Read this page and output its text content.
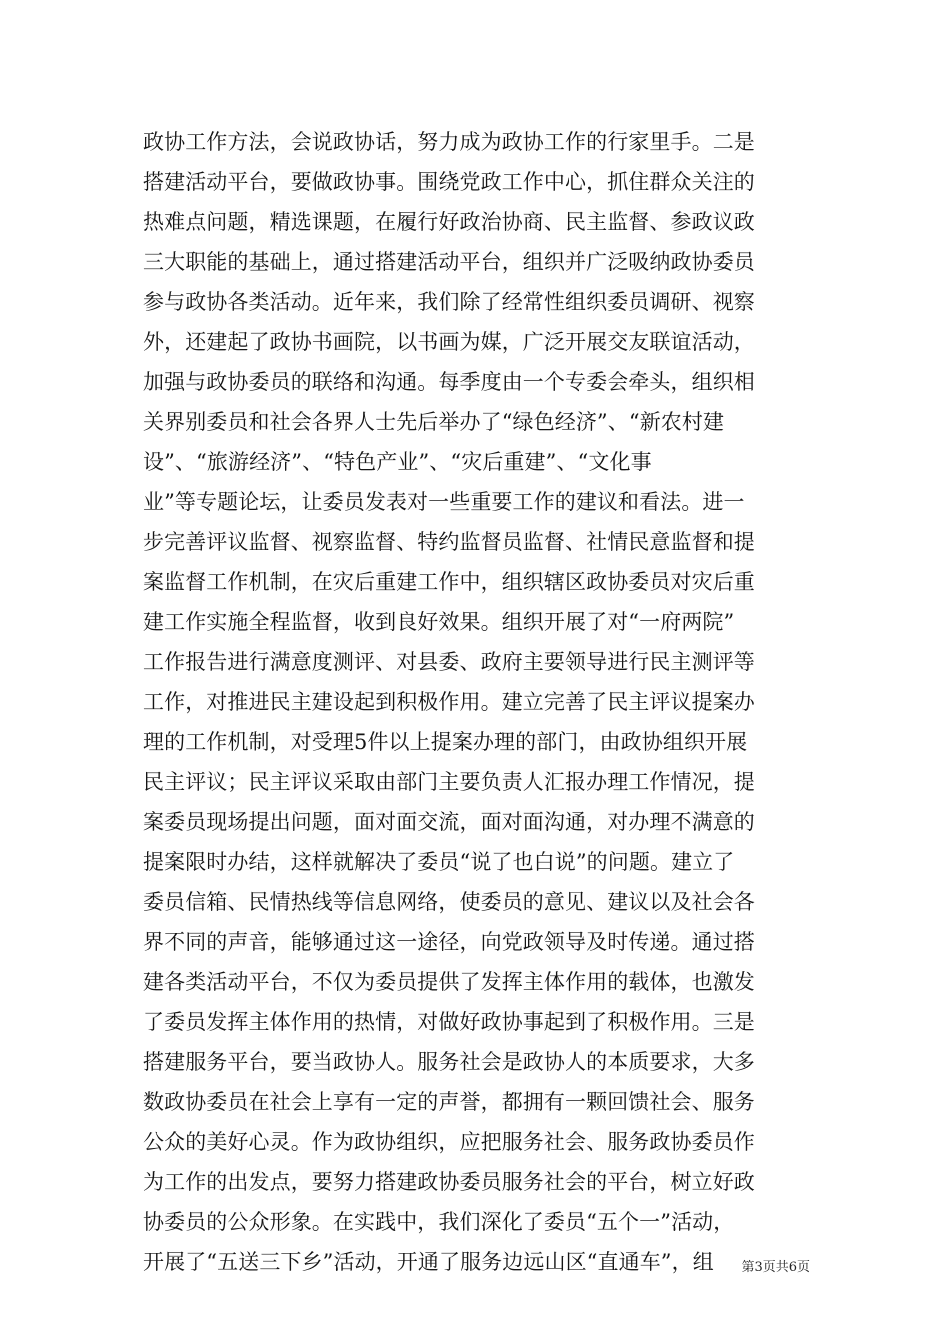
政协工作方法，会说政协话，努力成为政协工作的行家里手。二是
搭建活动平台，要做政协事。围绕党政工作中心，抓住群众关注的
热难点问题，精选课题，在履行好政治协商、民主监督、参政议政
三大职能的基础上，通过搭建活动平台，组织并广泛吸纳政协委员
参与政协各类活动。近年来，我们除了经常性组织委员调研、视察
外，还建起了政协书画院，以书画为媒，广泛开展交友联谊活动，
加强与政协委员的联络和沟通。每季度由一个专委会牵头，组织相
关界别委员和社会各界人士先后举办了“绿色经济”、“新农村建
设”、“旅游经济”、“特色产业”、“灾后重建”、“文化事
业”等专题论坛，让委员发表对一些重要工作的建议和看法。进一
步完善评议监督、视察监督、特约监督员监督、社情民意监督和提
案监督工作机制，在灾后重建工作中，组织辖区政协委员对灾后重
建工作实施全程监督，收到良好效果。组织开展了对“一府两院”
工作报告进行满意度测评、对县委、政府主要领导进行民主测评等
工作，对推进民主建设起到积极作用。建立完善了民主评议提案办
理的工作机制，对受理5件以上提案办理的部门，由政协组织开展
民主评议；民主评议采取由部门主要负责人汇报办理工作情况，提
案委员现场提出问题，面对面交流，面对面沟通，对办理不满意的
提案限时办结，这样就解决了委员“说了也白说”的问题。建立了
委员信箱、民情热线等信息网络，使委员的意见、建议以及社会各
界不同的声音，能够通过这一途径，向党政领导及时传递。通过搭
建各类活动平台，不仅为委员提供了发挥主体作用的载体，也激发
了委员发挥主体作用的热情，对做好政协事起到了积极作用。三是
搭建服务平台，要当政协人。服务社会是政协人的本质要求，大多
数政协委员在社会上享有一定的声誉，都拥有一颗回馈社会、服务
公众的美好心灵。作为政协组织，应把服务社会、服务政协委员作
为工作的出发点，要努力搭建政协委员服务社会的平台，树立好政
协委员的公众形象。在实践中，我们深化了委员“五个一”活动，
开展了“五送三下乡”活动，开通了服务边远山区“直通车”，组	第3页共6页
